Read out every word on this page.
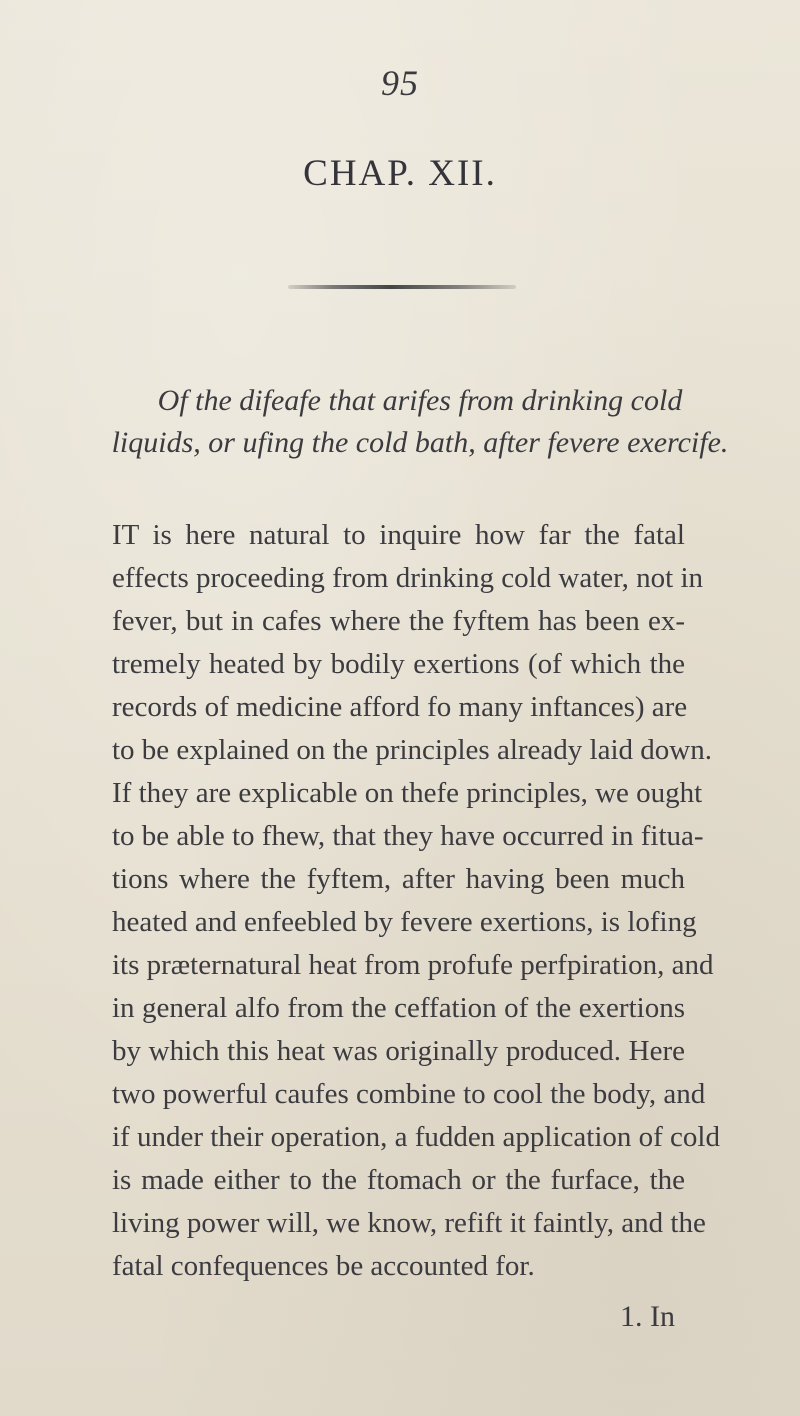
95
CHAP. XII.
Of the difeafe that arifes from drinking cold liquids, or ufing the cold bath, after fevere exercife.
IT is here natural to inquire how far the fatal
effects proceeding from drinking cold water, not in
fever, but in cafes where the fyftem has been ex-
tremely heated by bodily exertions (of which the
records of medicine afford fo many inftances) are
to be explained on the principles already laid down.
If they are explicable on thefe principles, we ought
to be able to fhew, that they have occurred in fitua-
tions where the fyftem, after having been much
heated and enfeebled by fevere exertions, is lofing
its præternatural heat from profufe perfpiration, and
in general alfo from the ceffation of the exertions
by which this heat was originally produced. Here
two powerful caufes combine to cool the body, and
if under their operation, a fudden application of cold
is made either to the ftomach or the furface, the
living power will, we know, refift it faintly, and the
fatal confequences be accounted for.
1. In
